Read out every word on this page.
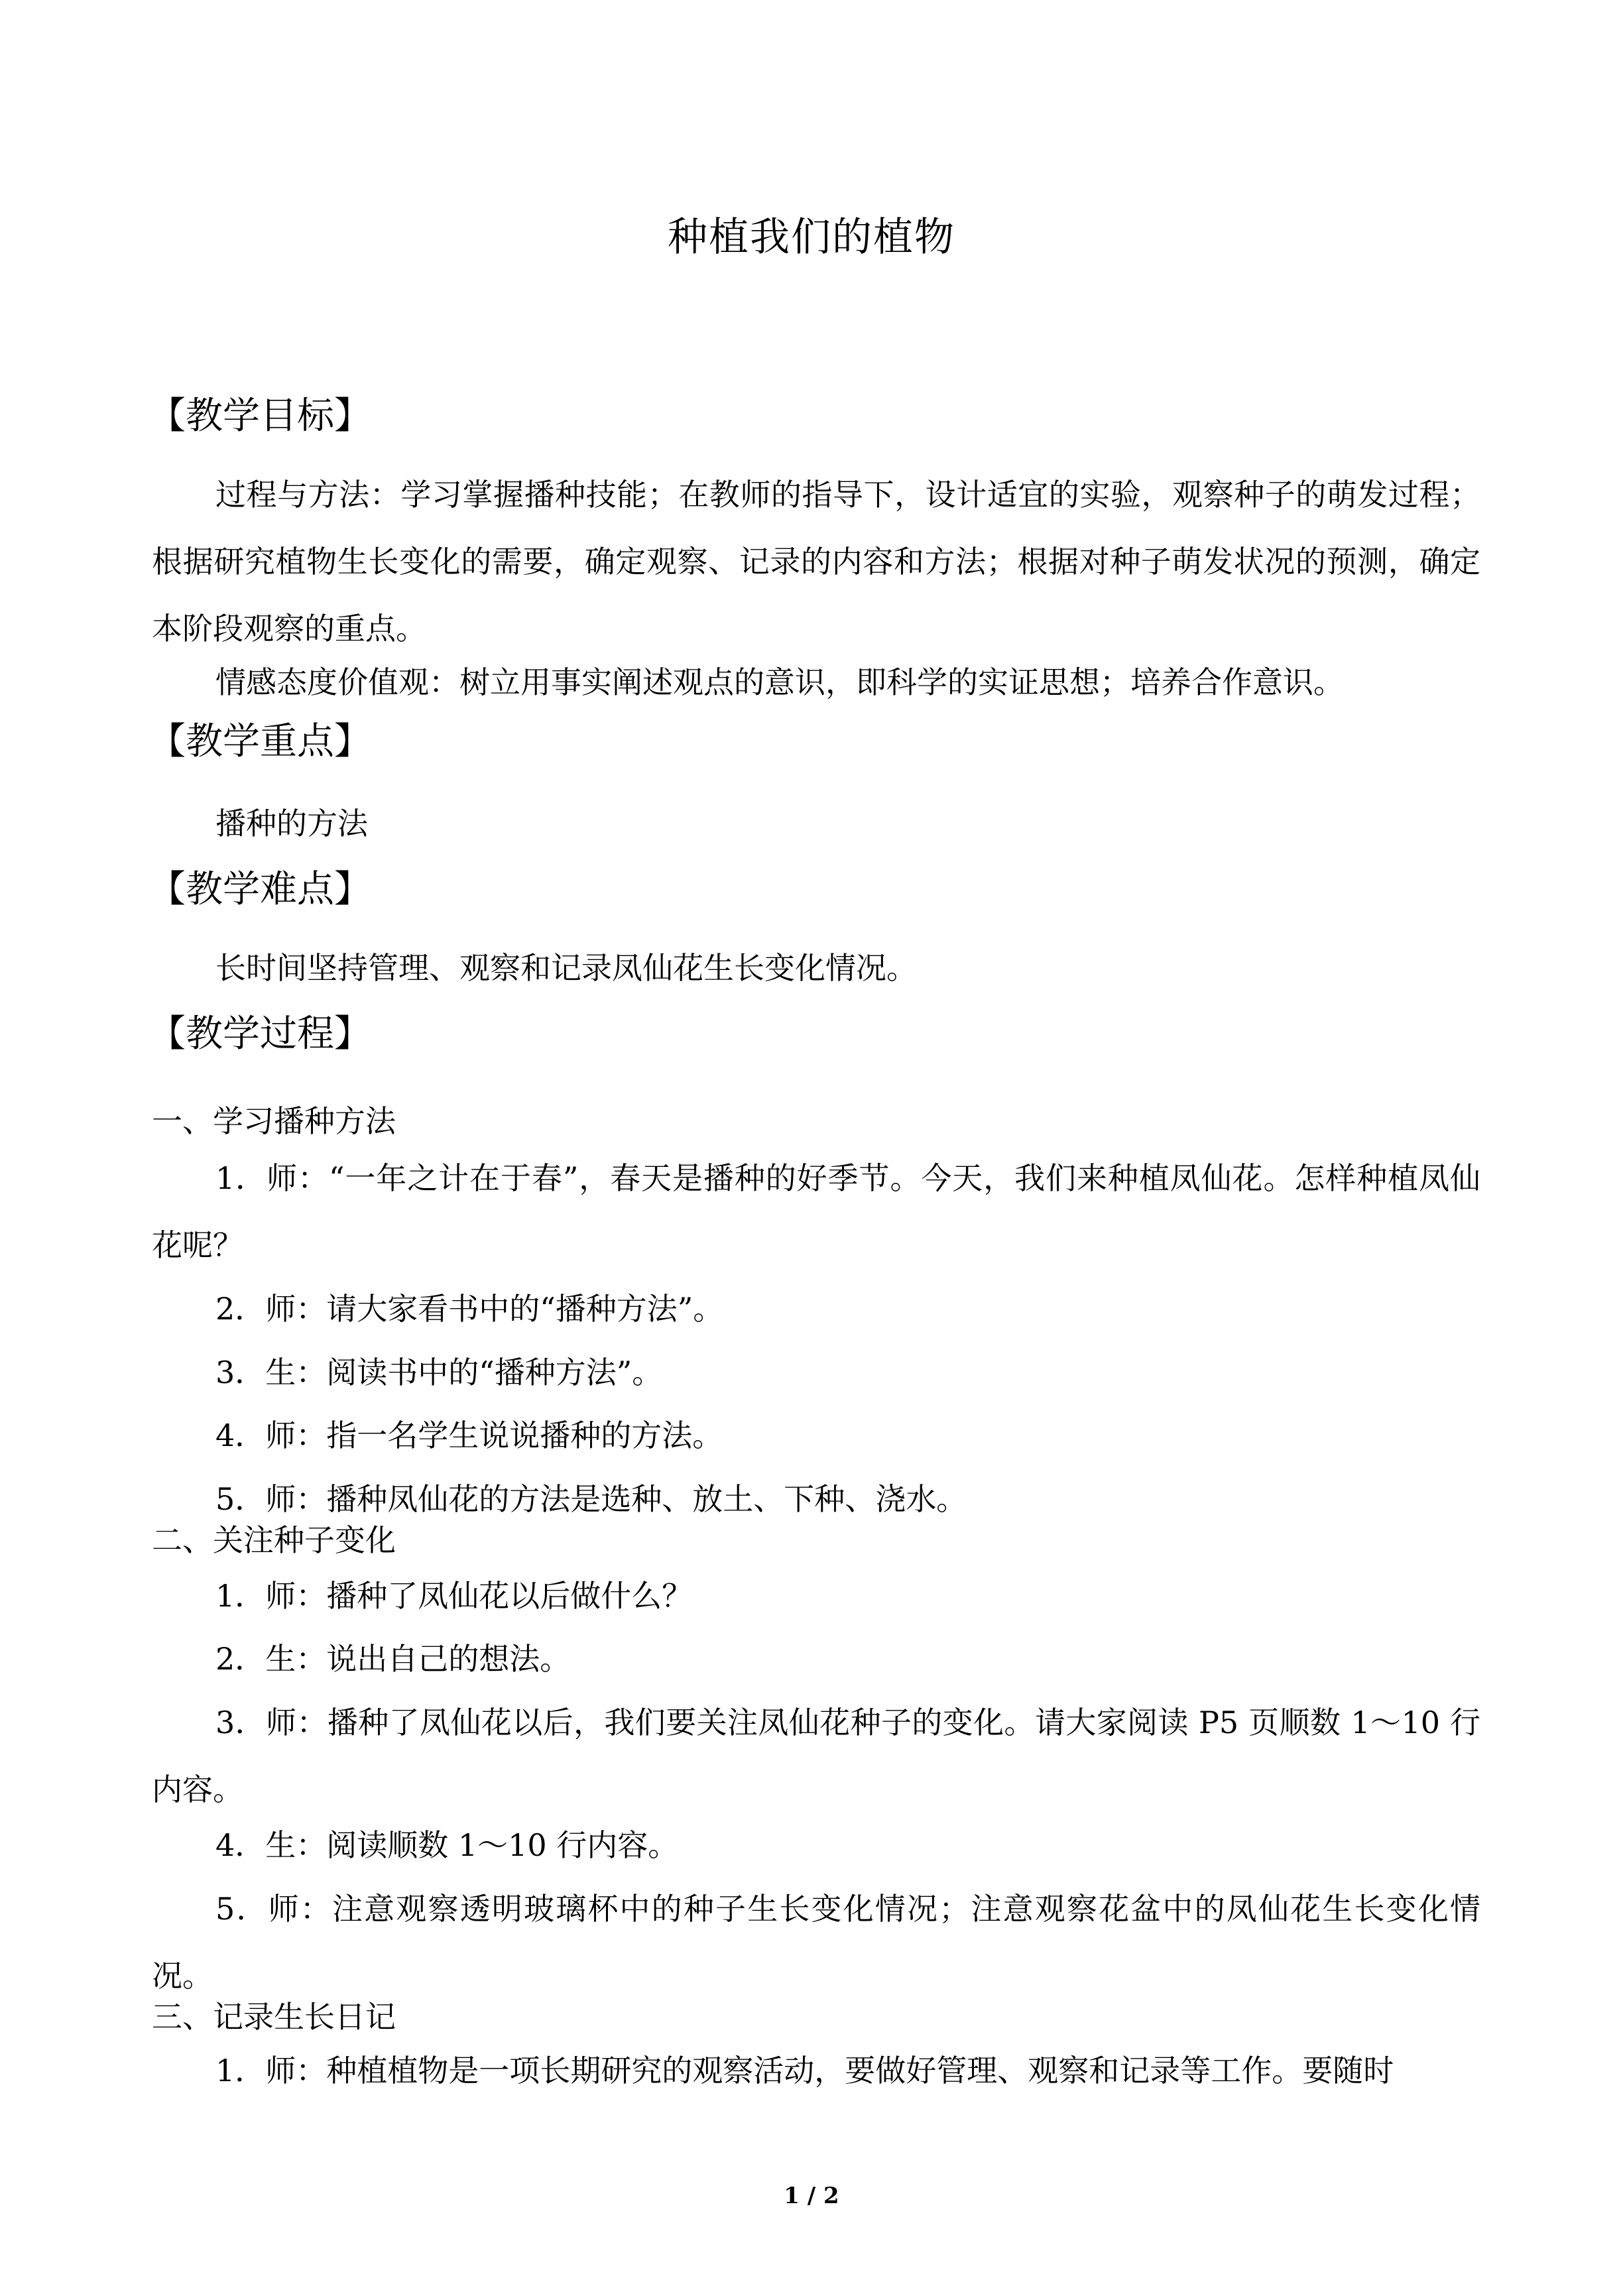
种植我们的植物
【教学目标】
过程与方法：学习掌握播种技能；在教师的指导下，设计适宜的实验，观察种子的萌发过程；根据研究植物生长变化的需要，确定观察、记录的内容和方法；根据对种子萌发状况的预测，确定本阶段观察的重点。
情感态度价值观：树立用事实阐述观点的意识，即科学的实证思想；培养合作意识。
【教学重点】
播种的方法
【教学难点】
长时间坚持管理、观察和记录凤仙花生长变化情况。
【教学过程】
一、学习播种方法
1．师：“一年之计在于春”，春天是播种的好季节。今天，我们来种植凤仙花。怎样种植凤仙花呢？
2．师：请大家看书中的“播种方法”。
3．生：阅读书中的“播种方法”。
4．师：指一名学生说说播种的方法。
5．师：播种凤仙花的方法是选种、放土、下种、浇水。
二、关注种子变化
1．师：播种了凤仙花以后做什么？
2．生：说出自己的想法。
3．师：播种了凤仙花以后，我们要关注凤仙花种子的变化。请大家阅读 P5 页顺数 1～10 行内容。
4．生：阅读顺数 1～10 行内容。
5．师：注意观察透明玻璃杯中的种子生长变化情况；注意观察花盆中的凤仙花生长变化情况。
三、记录生长日记
1．师：种植植物是一项长期研究的观察活动，要做好管理、观察和记录等工作。要随时
1 / 2
